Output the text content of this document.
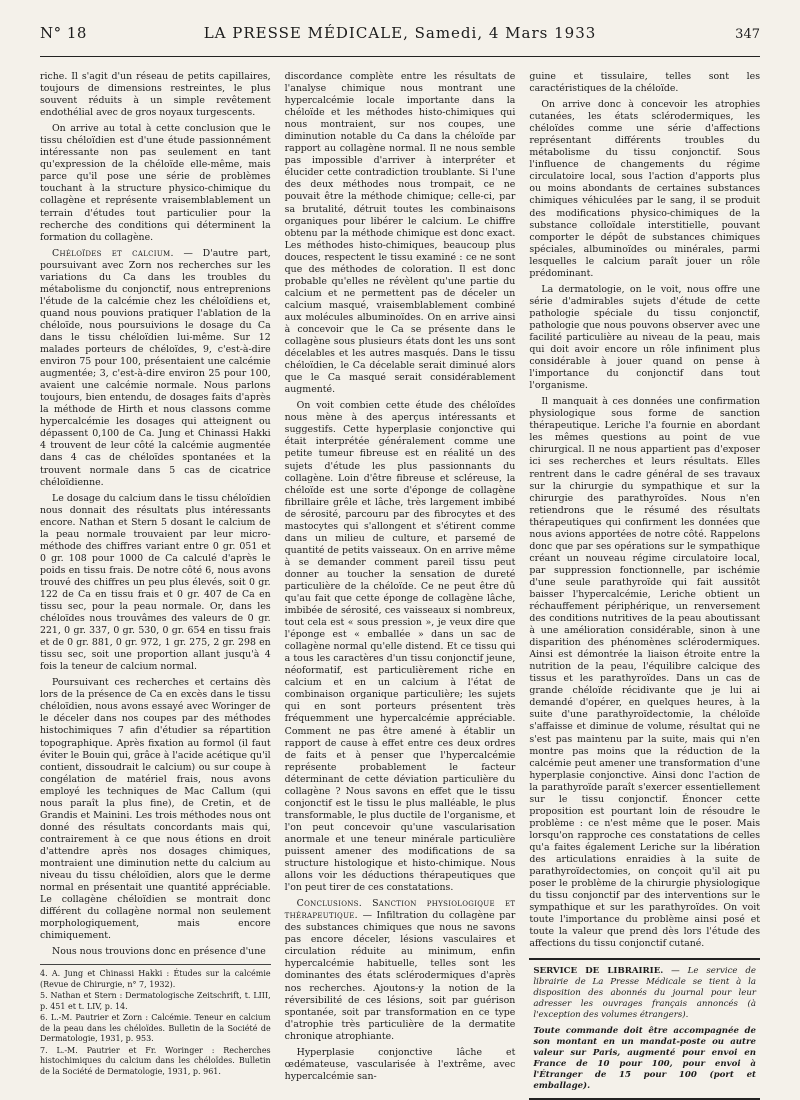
N° 18	LA PRESSE MÉDICALE, Samedi, 4 Mars 1933	347

riche. Il s'agit d'un réseau de petits capillaires, toujours de dimensions restreintes, le plus souvent réduits à un simple revêtement endothélial avec de gros noyaux turgescents.

On arrive au total à cette conclusion que le tissu chéloïdien est d'une étude passionnément intéressante non pas seulement en tant qu'expression de la chéloïde elle-même, mais parce qu'il pose une série de problèmes touchant à la structure physico-chimique du collagène et représente vraisemblablement un terrain d'études tout particulier pour la recherche des conditions qui déterminent la formation du collagène.

Chéloïdes et calcium. — D'autre part, poursuivant avec Zorn nos recherches sur les variations du Ca dans les troubles du métabolisme du conjonctif, nous entreprenions l'étude de la calcémie chez les chéloïdiens et, quand nous pouvions pratiquer l'ablation de la chéloïde, nous poursuivions le dosage du Ca dans le tissu chéloïdien lui-même. Sur 12 malades porteurs de chéloïdes, 9, c'est-à-dire environ 75 pour 100, présentaient une calcémie augmentée; 3, c'est-à-dire environ 25 pour 100, avaient une calcémie normale. Nous parlons toujours, bien entendu, de dosages faits d'après la méthode de Hirth et nous classons comme hypercalcémie les dosages qui atteignent ou dépassent 0,100 de Ca. Jung et Chinassi Hakki 4 trouvent de leur côté la calcémie augmentée dans 4 cas de chéloïdes spontanées et la trouvent normale dans 5 cas de cicatrice chéloïdienne.

Le dosage du calcium dans le tissu chéloïdien nous donnait des résultats plus intéressants encore. Nathan et Stern 5 dosant le calcium de la peau normale trouvaient par leur micro-méthode des chiffres variant entre 0 gr. 051 et 0 gr. 108 pour 1000 de Ca calculé d'après le poids en tissu frais. De notre côté 6, nous avons trouvé des chiffres un peu plus élevés, soit 0 gr. 122 de Ca en tissu frais et 0 gr. 407 de Ca en tissu sec, pour la peau normale. Or, dans les chéloïdes nous trouvâmes des valeurs de 0 gr. 221, 0 gr. 337, 0 gr. 530, 0 gr. 654 en tissu frais et de 0 gr. 881, 0 gr. 972, 1 gr. 275, 2 gr. 298 en tissu sec, soit une proportion allant jusqu'à 4 fois la teneur de calcium normal.

Poursuivant ces recherches et certains dès lors de la présence de Ca en excès dans le tissu chéloïdien, nous avons essayé avec Woringer de le déceler dans nos coupes par des méthodes histochimiques 7 afin d'étudier sa répartition topographique. Après fixation au formol (il faut éviter le Bouin qui, grâce à l'acide acétique qu'il contient, dissoudrait le calcium) ou sur coupe à congélation de matériel frais, nous avons employé les techniques de Mac Callum (qui nous paraît la plus fine), de Cretin, et de Grandis et Mainini. Les trois méthodes nous ont donné des résultats concordants mais qui, contrairement à ce que nous étions en droit d'attendre après nos dosages chimiques, montraient une diminution nette du calcium au niveau du tissu chéloïdien, alors que le derme normal en présentait une quantité appréciable. Le collagène chéloïdien se montrait donc différent du collagène normal non seulement morphologiquement, mais encore chimiquement.

Nous nous trouvions donc en présence d'une

4. A. Jung et Chinassi Hakki : Études sur la calcémie (Revue de Chirurgie, n° 7, 1932).
5. Nathan et Stern : Dermatologische Zeitschrift, t. LIII, p. 451 et t. LIV, p. 14.
6. L.-M. Pautrier et Zorn : Calcémie. Teneur en calcium de la peau dans les chéloïdes. Bulletin de la Société de Dermatologie, 1931, p. 953.
7. L.-M. Pautrier et Fr. Woringer : Recherches histochimiques du calcium dans les chéloïdes. Bulletin de la Société de Dermatologie, 1931, p. 961.

discordance complète entre les résultats de l'analyse chimique nous montrant une hypercalcémie locale importante dans la chéloïde et les méthodes histo-chimiques qui nous montraient, sur nos coupes, une diminution notable du Ca dans la chéloïde par rapport au collagène normal. Il ne nous semble pas impossible d'arriver à interpréter et élucider cette contradiction troublante. Si l'une des deux méthodes nous trompait, ce ne pouvait être la méthode chimique; celle-ci, par sa brutalité, détruit toutes les combinaisons organiques pour libérer le calcium. Le chiffre obtenu par la méthode chimique est donc exact. Les méthodes histo-chimiques, beaucoup plus douces, respectent le tissu examiné : ce ne sont que des méthodes de coloration. Il est donc probable qu'elles ne révèlent qu'une partie du calcium et ne permettent pas de déceler un calcium masqué, vraisemblablement combiné aux molécules albuminoïdes. On en arrive ainsi à concevoir que le Ca se présente dans le collagène sous plusieurs états dont les uns sont décelables et les autres masqués. Dans le tissu chéloïdien, le Ca décelable serait diminué alors que le Ca masqué serait considérablement augmenté.

On voit combien cette étude des chéloïdes nous mène à des aperçus intéressants et suggestifs. Cette hyperplasie conjonctive qui était interprétée généralement comme une petite tumeur fibreuse est en réalité un des sujets d'étude les plus passionnants du collagène. Loin d'être fibreuse et scléreuse, la chéloïde est une sorte d'éponge de collagène fibrillaire grêle et lâche, très largement imbibé de sérosité, parcouru par des fibrocytes et des mastocytes qui s'allongent et s'étirent comme dans un milieu de culture, et parsemé de quantité de petits vaisseaux. On en arrive même à se demander comment pareil tissu peut donner au toucher la sensation de dureté particulière de la chéloïde. Ce ne peut être dû qu'au fait que cette éponge de collagène lâche, imbibée de sérosité, ces vaisseaux si nombreux, tout cela est « sous pression », je veux dire que l'éponge est « emballée » dans un sac de collagène normal qu'elle distend. Et ce tissu qui a tous les caractères d'un tissu conjonctif jeune, néoformatif, est particulièrement riche en calcium et en un calcium à l'état de combinaison organique particulière; les sujets qui en sont porteurs présentent très fréquemment une hypercalcémie appréciable. Comment ne pas être amené à établir un rapport de cause à effet entre ces deux ordres de faits et à penser que l'hypercalcémie représente probablement le facteur déterminant de cette déviation particulière du collagène ? Nous savons en effet que le tissu conjonctif est le tissu le plus malléable, le plus transformable, le plus ductile de l'organisme, et l'on peut concevoir qu'une vascularisation anormale et une teneur minérale particulière puissent amener des modifications de sa structure histologique et histo-chimique. Nous allons voir les déductions thérapeutiques que l'on peut tirer de ces constatations.

Conclusions. Sanction physiologique et thérapeutique. — Infiltration du collagène par des substances chimiques que nous ne savons pas encore déceler, lésions vasculaires et circulation réduite au minimum, enfin hypercalcémie habituelle, telles sont les dominantes des états sclérodermiques d'après nos recherches. Ajoutons-y la notion de la réversibilité de ces lésions, soit par guérison spontanée, soit par transformation en ce type d'atrophie très particulière de la dermatite chronique atrophiante.

Hyperplasie conjonctive lâche et œdémateuse, vascularisée à l'extrême, avec hypercalcémie san-

guine et tissulaire, telles sont les caractéristiques de la chéloïde.

On arrive donc à concevoir les atrophies cutanées, les états sclérodermiques, les chéloïdes comme une série d'affections représentant différents troubles du métabolisme du tissu conjonctif. Sous l'influence de changements du régime circulatoire local, sous l'action d'apports plus ou moins abondants de certaines substances chimiques véhiculées par le sang, il se produit des modifications physico-chimiques de la substance colloïdale interstitielle, pouvant comporter le dépôt de substances chimiques spéciales, albuminoïdes ou minérales, parmi lesquelles le calcium paraît jouer un rôle prédominant.

La dermatologie, on le voit, nous offre une série d'admirables sujets d'étude de cette pathologie spéciale du tissu conjonctif, pathologie que nous pouvons observer avec une facilité particulière au niveau de la peau, mais qui doit avoir encore un rôle infiniment plus considérable à jouer quand on pense à l'importance du conjonctif dans tout l'organisme.

Il manquait à ces données une confirmation physiologique sous forme de sanction thérapeutique. Leriche l'a fournie en abordant les mêmes questions au point de vue chirurgical. Il ne nous appartient pas d'exposer ici ses recherches et leurs résultats. Elles rentrent dans le cadre général de ses travaux sur la chirurgie du sympathique et sur la chirurgie des parathyroïdes. Nous n'en retiendrons que le résumé des résultats thérapeutiques qui confirment les données que nous avions apportées de notre côté. Rappelons donc que par ses opérations sur le sympathique créant un nouveau régime circulatoire local, par suppression fonctionnelle, par ischémie d'une seule parathyroïde qui fait aussitôt baisser l'hypercalcémie, Leriche obtient un réchauffement périphérique, un renversement des conditions nutritives de la peau aboutissant à une amélioration considérable, sinon à une disparition des phénomènes sclérodermiques. Ainsi est démontrée la liaison étroite entre la nutrition de la peau, l'équilibre calcique des tissus et les parathyroïdes. Dans un cas de grande chéloïde récidivante que je lui ai demandé d'opérer, en quelques heures, à la suite d'une parathyroïdectomie, la chéloïde s'affaisse et diminue de volume, résultat qui ne s'est pas maintenu par la suite, mais qui n'en montre pas moins que la réduction de la calcémie peut amener une transformation d'une hyperplasie conjonctive. Ainsi donc l'action de la parathyroïde paraît s'exercer essentiellement sur le tissu conjonctif. Énoncer cette proposition est pourtant loin de résoudre le problème : ce n'est même que le poser. Mais lorsqu'on rapproche ces constatations de celles qu'a faites également Leriche sur la libération des articulations enraidies à la suite de parathyroïdectomies, on conçoit qu'il ait pu poser le problème de la chirurgie physiologique du tissu conjonctif par des interventions sur le sympathique et sur les parathyroïdes. On voit toute l'importance du problème ainsi posé et toute la valeur que prend dès lors l'étude des affections du tissu conjonctif cutané.

SERVICE DE LIBRAIRIE. — Le service de librairie de La Presse Médicale se tient à la disposition des abonnés du journal pour leur adresser les ouvrages français annoncés (à l'exception des volumes étrangers).
Toute commande doit être accompagnée de son montant en un mandat-poste ou autre valeur sur Paris, augmenté pour envoi en France de 10 pour 100, pour envoi à l'Étranger de 15 pour 100 (port et emballage).
